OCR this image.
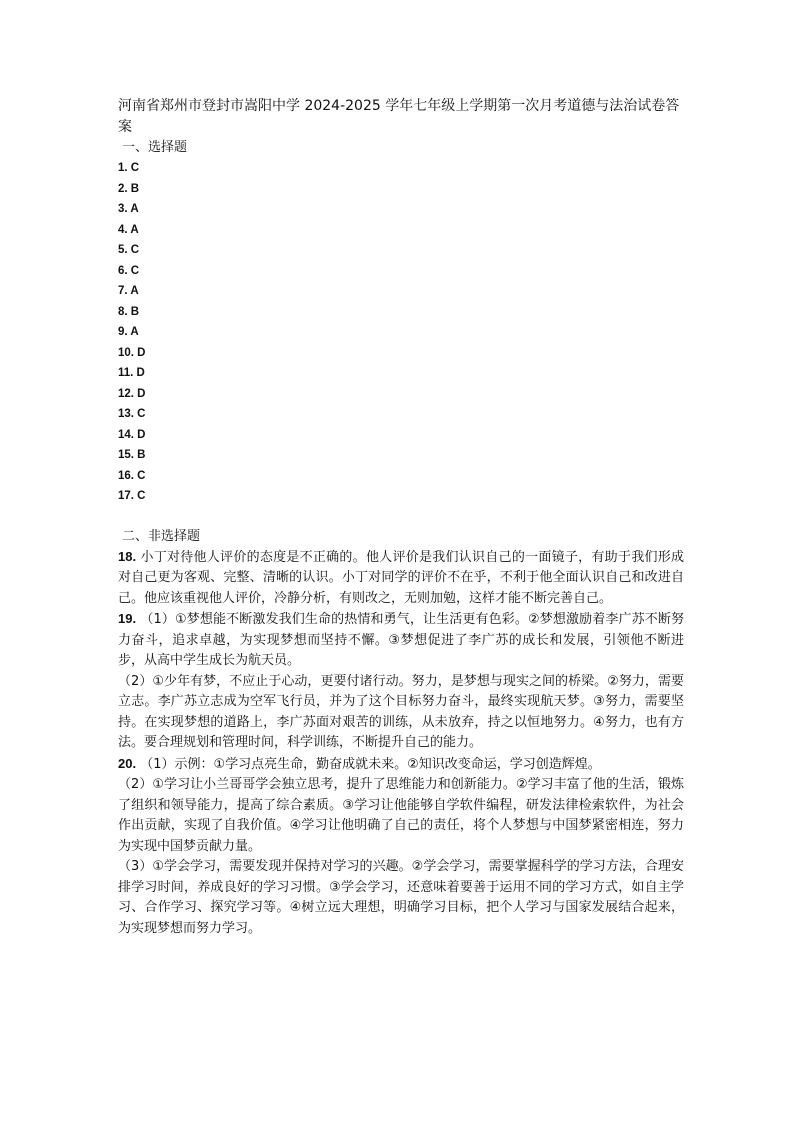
河南省郑州市登封市嵩阳中学 2024-2025 学年七年级上学期第一次月考道德与法治试卷答案

一、选择题

1. C
2. B
3. A
4. A
5. C
6. C
7. A
8. B
9. A
10. D
11. D
12. D
13. C
14. D
15. B
16. C
17. C

二、非选择题

18. 小丁对待他人评价的态度是不正确的。他人评价是我们认识自己的一面镜子，有助于我们形成对自己更为客观、完整、清晰的认识。小丁对同学的评价不在乎，不利于他全面认识自己和改进自己。他应该重视他人评价，冷静分析，有则改之，无则加勉，这样才能不断完善自己。

19. （1）①梦想能不断激发我们生命的热情和勇气，让生活更有色彩。②梦想激励着李广苏不断努力奋斗，追求卓越，为实现梦想而坚持不懈。③梦想促进了李广苏的成长和发展，引领他不断进步，从高中学生成长为航天员。

（2）①少年有梦，不应止于心动，更要付诸行动。努力，是梦想与现实之间的桥梁。②努力，需要立志。李广苏立志成为空军飞行员，并为了这个目标努力奋斗，最终实现航天梦。③努力，需要坚持。在实现梦想的道路上，李广苏面对艰苦的训练，从未放弃，持之以恒地努力。④努力，也有方法。要合理规划和管理时间，科学训练，不断提升自己的能力。

20. （1）示例：①学习点亮生命，勤奋成就未来。②知识改变命运，学习创造辉煌。

（2）①学习让小兰哥哥学会独立思考，提升了思维能力和创新能力。②学习丰富了他的生活，锻炼了组织和领导能力，提高了综合素质。③学习让他能够自学软件编程，研发法律检索软件，为社会作出贡献，实现了自我价值。④学习让他明确了自己的责任，将个人梦想与中国梦紧密相连，努力为实现中国梦贡献力量。

（3）①学会学习，需要发现并保持对学习的兴趣。②学会学习，需要掌握科学的学习方法，合理安排学习时间，养成良好的学习习惯。③学会学习，还意味着要善于运用不同的学习方式，如自主学习、合作学习、探究学习等。④树立远大理想，明确学习目标，把个人学习与国家发展结合起来，为实现梦想而努力学习。
